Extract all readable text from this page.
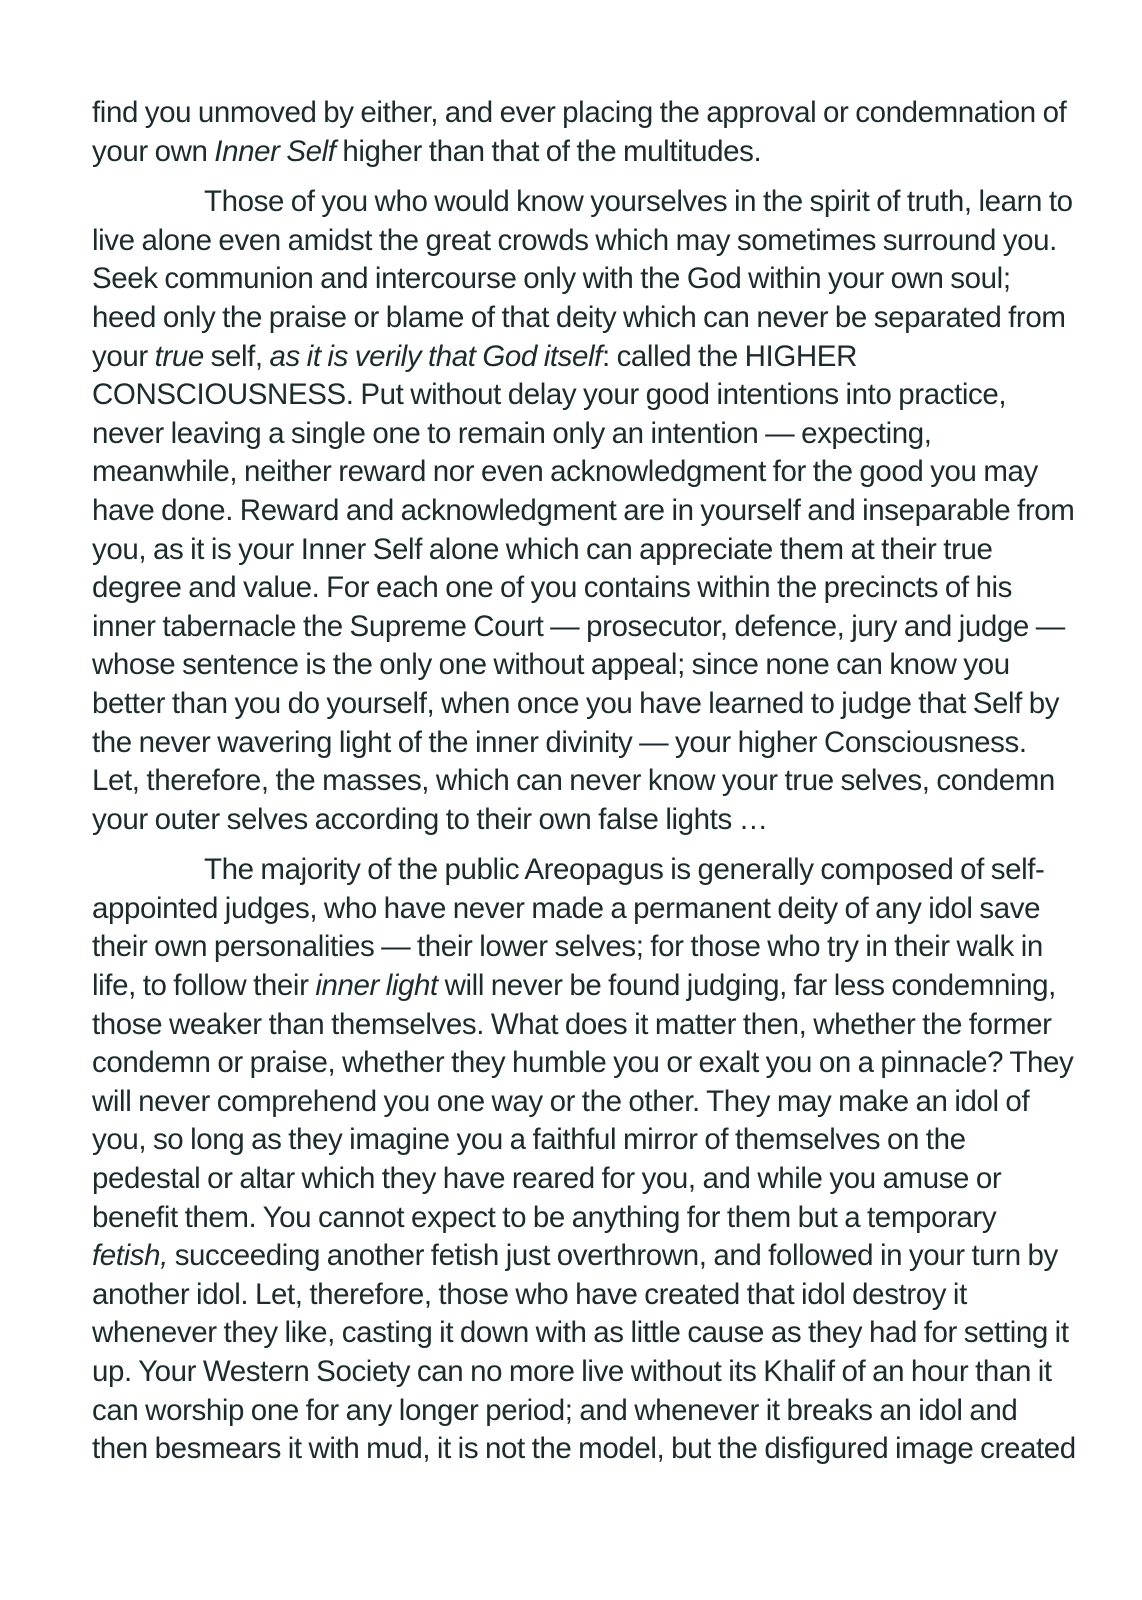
find you unmoved by either, and ever placing the approval or condemnation of
your own Inner Self higher than that of the multitudes.
Those of you who would know yourselves in the spirit of truth, learn to
live alone even amidst the great crowds which may sometimes surround you.
Seek communion and intercourse only with the God within your own soul;
heed only the praise or blame of that deity which can never be separated from
your true self, as it is verily that God itself: called the HIGHER
CONSCIOUSNESS. Put without delay your good intentions into practice,
never leaving a single one to remain only an intention — expecting,
meanwhile, neither reward nor even acknowledgment for the good you may
have done. Reward and acknowledgment are in yourself and inseparable from
you, as it is your Inner Self alone which can appreciate them at their true
degree and value. For each one of you contains within the precincts of his
inner tabernacle the Supreme Court — prosecutor, defence, jury and judge —
whose sentence is the only one without appeal; since none can know you
better than you do yourself, when once you have learned to judge that Self by
the never wavering light of the inner divinity — your higher Consciousness.
Let, therefore, the masses, which can never know your true selves, condemn
your outer selves according to their own false lights …
The majority of the public Areopagus is generally composed of self-
appointed judges, who have never made a permanent deity of any idol save
their own personalities — their lower selves; for those who try in their walk in
life, to follow their inner light will never be found judging, far less condemning,
those weaker than themselves. What does it matter then, whether the former
condemn or praise, whether they humble you or exalt you on a pinnacle? They
will never comprehend you one way or the other. They may make an idol of
you, so long as they imagine you a faithful mirror of themselves on the
pedestal or altar which they have reared for you, and while you amuse or
benefit them. You cannot expect to be anything for them but a temporary
fetish, succeeding another fetish just overthrown, and followed in your turn by
another idol. Let, therefore, those who have created that idol destroy it
whenever they like, casting it down with as little cause as they had for setting it
up. Your Western Society can no more live without its Khalif of an hour than it
can worship one for any longer period; and whenever it breaks an idol and
then besmears it with mud, it is not the model, but the disfigured image created
